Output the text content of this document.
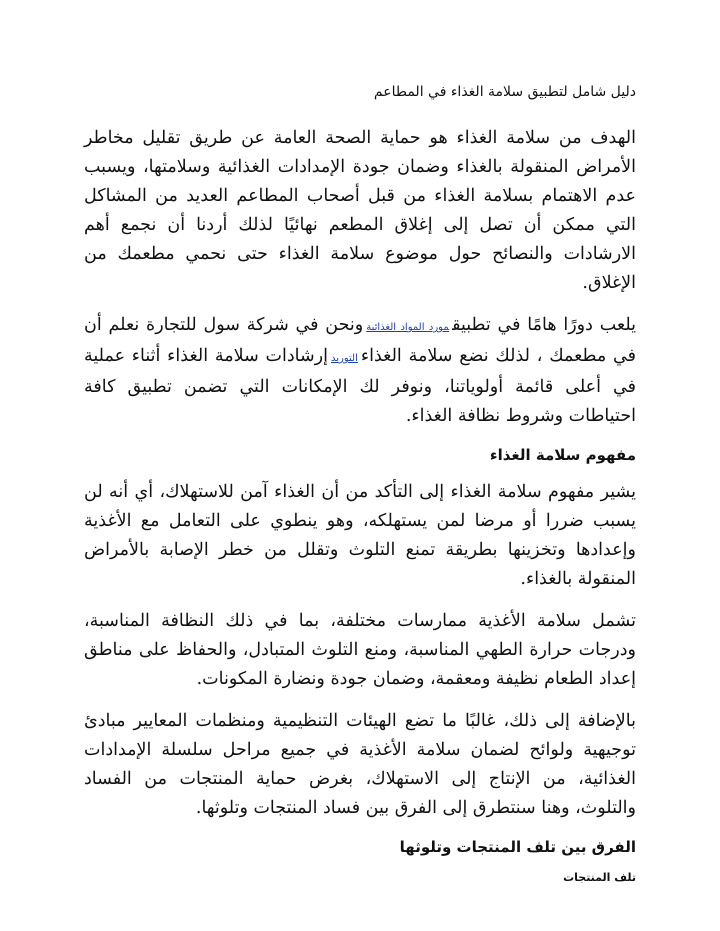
دليل شامل لتطبيق سلامة الغذاء في المطاعم

الهدف من سلامة الغذاء هو حماية الصحة العامة عن طريق تقليل مخاطر الأمراض المنقولة بالغذاء وضمان جودة الإمدادات الغذائية وسلامتها، ويسبب عدم الاهتمام بسلامة الغذاء من قبل أصحاب المطاعم العديد من المشاكل التي ممكن أن تصل إلى إغلاق المطعم نهائيًا لذلك أردنا أن نجمع أهم الارشادات والنصائح حول موضوع سلامة الغذاء حتى نحمي مطعمك من الإغلاق.

يلعب دورًا هامًا في تطبيقمورد المواد الغذائيةونحن في شركة سول للتجارة نعلم أن في مطعمك ، لذلك نضع سلامة الغذاءالتوريدإرشادات سلامة الغذاء أثناء عملية في أعلى قائمة أولوياتنا، ونوفر لك الإمكانات التي تضمن تطبيق كافة احتياطات وشروط نظافة الغذاء.

مفهوم سلامة الغذاء

يشير مفهوم سلامة الغذاء إلى التأكد من أن الغذاء آمن للاستهلاك، أي أنه لن يسبب ضررا أو مرضا لمن يستهلكه، وهو ينطوي على التعامل مع الأغذية وإعدادها وتخزينها بطريقة تمنع التلوث وتقلل من خطر الإصابة بالأمراض المنقولة بالغذاء.

تشمل سلامة الأغذية ممارسات مختلفة، بما في ذلك النظافة المناسبة، ودرجات حرارة الطهي المناسبة، ومنع التلوث المتبادل، والحفاظ على مناطق إعداد الطعام نظيفة ومعقمة، وضمان جودة ونضارة المكونات.

بالإضافة إلى ذلك، غالبًا ما تضع الهيئات التنظيمية ومنظمات المعايير مبادئ توجيهية ولوائح لضمان سلامة الأغذية في جميع مراحل سلسلة الإمدادات الغذائية، من الإنتاج إلى الاستهلاك، بغرض حماية المنتجات من الفساد والتلوث، وهنا سنتطرق إلى الفرق بين فساد المنتجات وتلوثها.

الفرق بين تلف المنتجات وتلوثها
تلف المنتجات
